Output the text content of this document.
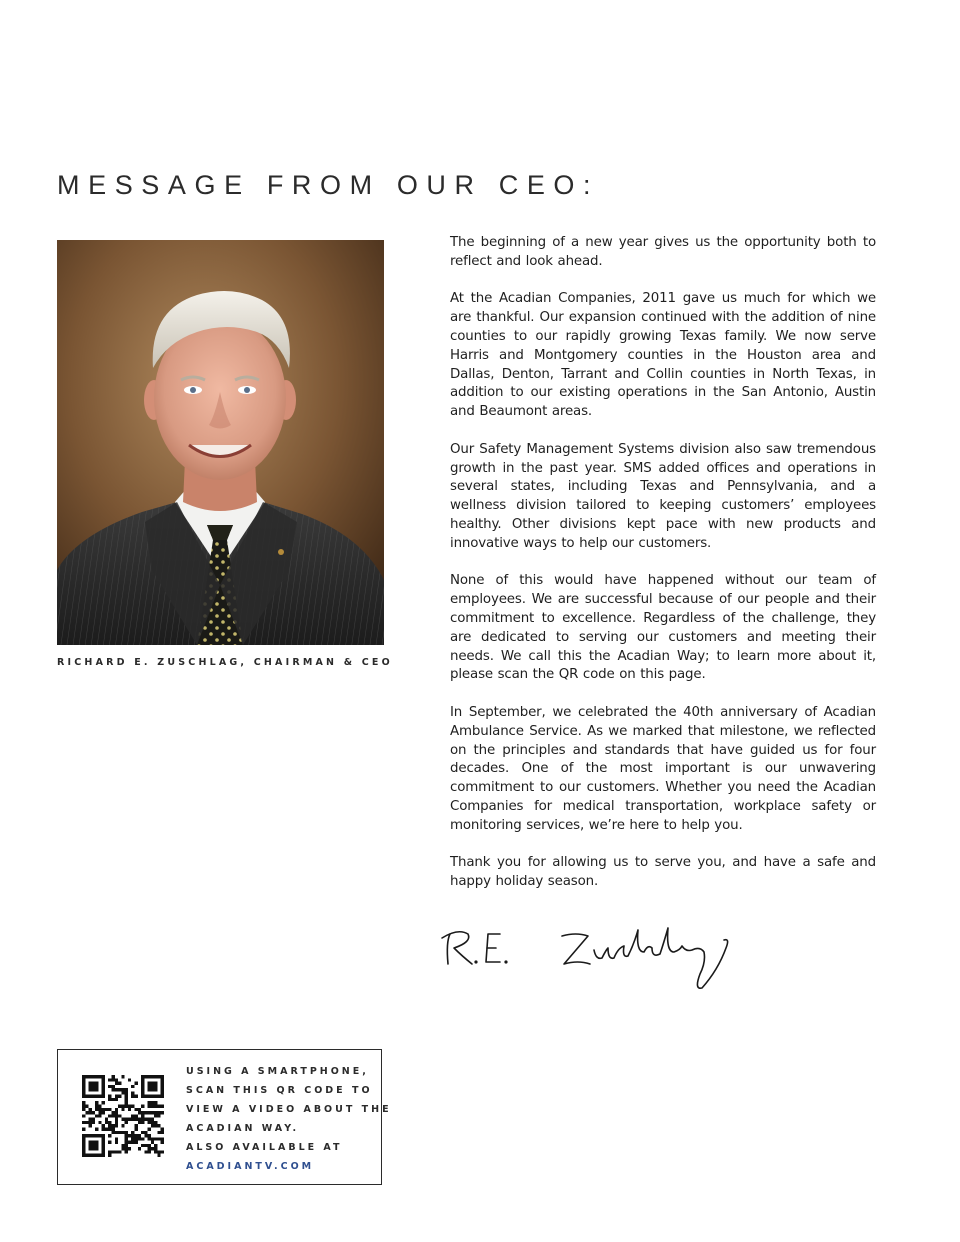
MESSAGE FROM OUR CEO:
RICHARD E. ZUSCHLAG, CHAIRMAN & CEO

The beginning of a new year gives us the opportunity both to reflect and look ahead.

At the Acadian Companies, 2011 gave us much for which we are thankful. Our expansion continued with the addition of nine counties to our rapidly growing Texas family. We now serve Harris and Montgomery counties in the Houston area and Dallas, Denton, Tarrant and Collin counties in North Texas, in addition to our existing operations in the San Antonio, Austin and Beaumont areas.

Our Safety Management Systems division also saw tremendous growth in the past year. SMS added offices and operations in several states, including Texas and Pennsylvania, and a wellness division tailored to keeping customers’ employees healthy. Other divisions kept pace with new products and innovative ways to help our customers.

None of this would have happened without our team of employees. We are successful because of our people and their commitment to excellence. Regardless of the challenge, they are dedicated to serving our customers and meeting their needs. We call this the Acadian Way; to learn more about it, please scan the QR code on this page.

In September, we celebrated the 40th anniversary of Acadian Ambulance Service. As we marked that milestone, we reflected on the principles and standards that have guided us for four decades. One of the most important is our unwavering commitment to our customers. Whether you need the Acadian Companies for medical transportation, workplace safety or monitoring services, we’re here to help you.

Thank you for allowing us to serve you, and have a safe and happy holiday season.

USING A SMARTPHONE,
SCAN THIS QR CODE TO
VIEW A VIDEO ABOUT THE
ACADIAN WAY.
ALSO AVAILABLE AT
ACADIANTV.COM
